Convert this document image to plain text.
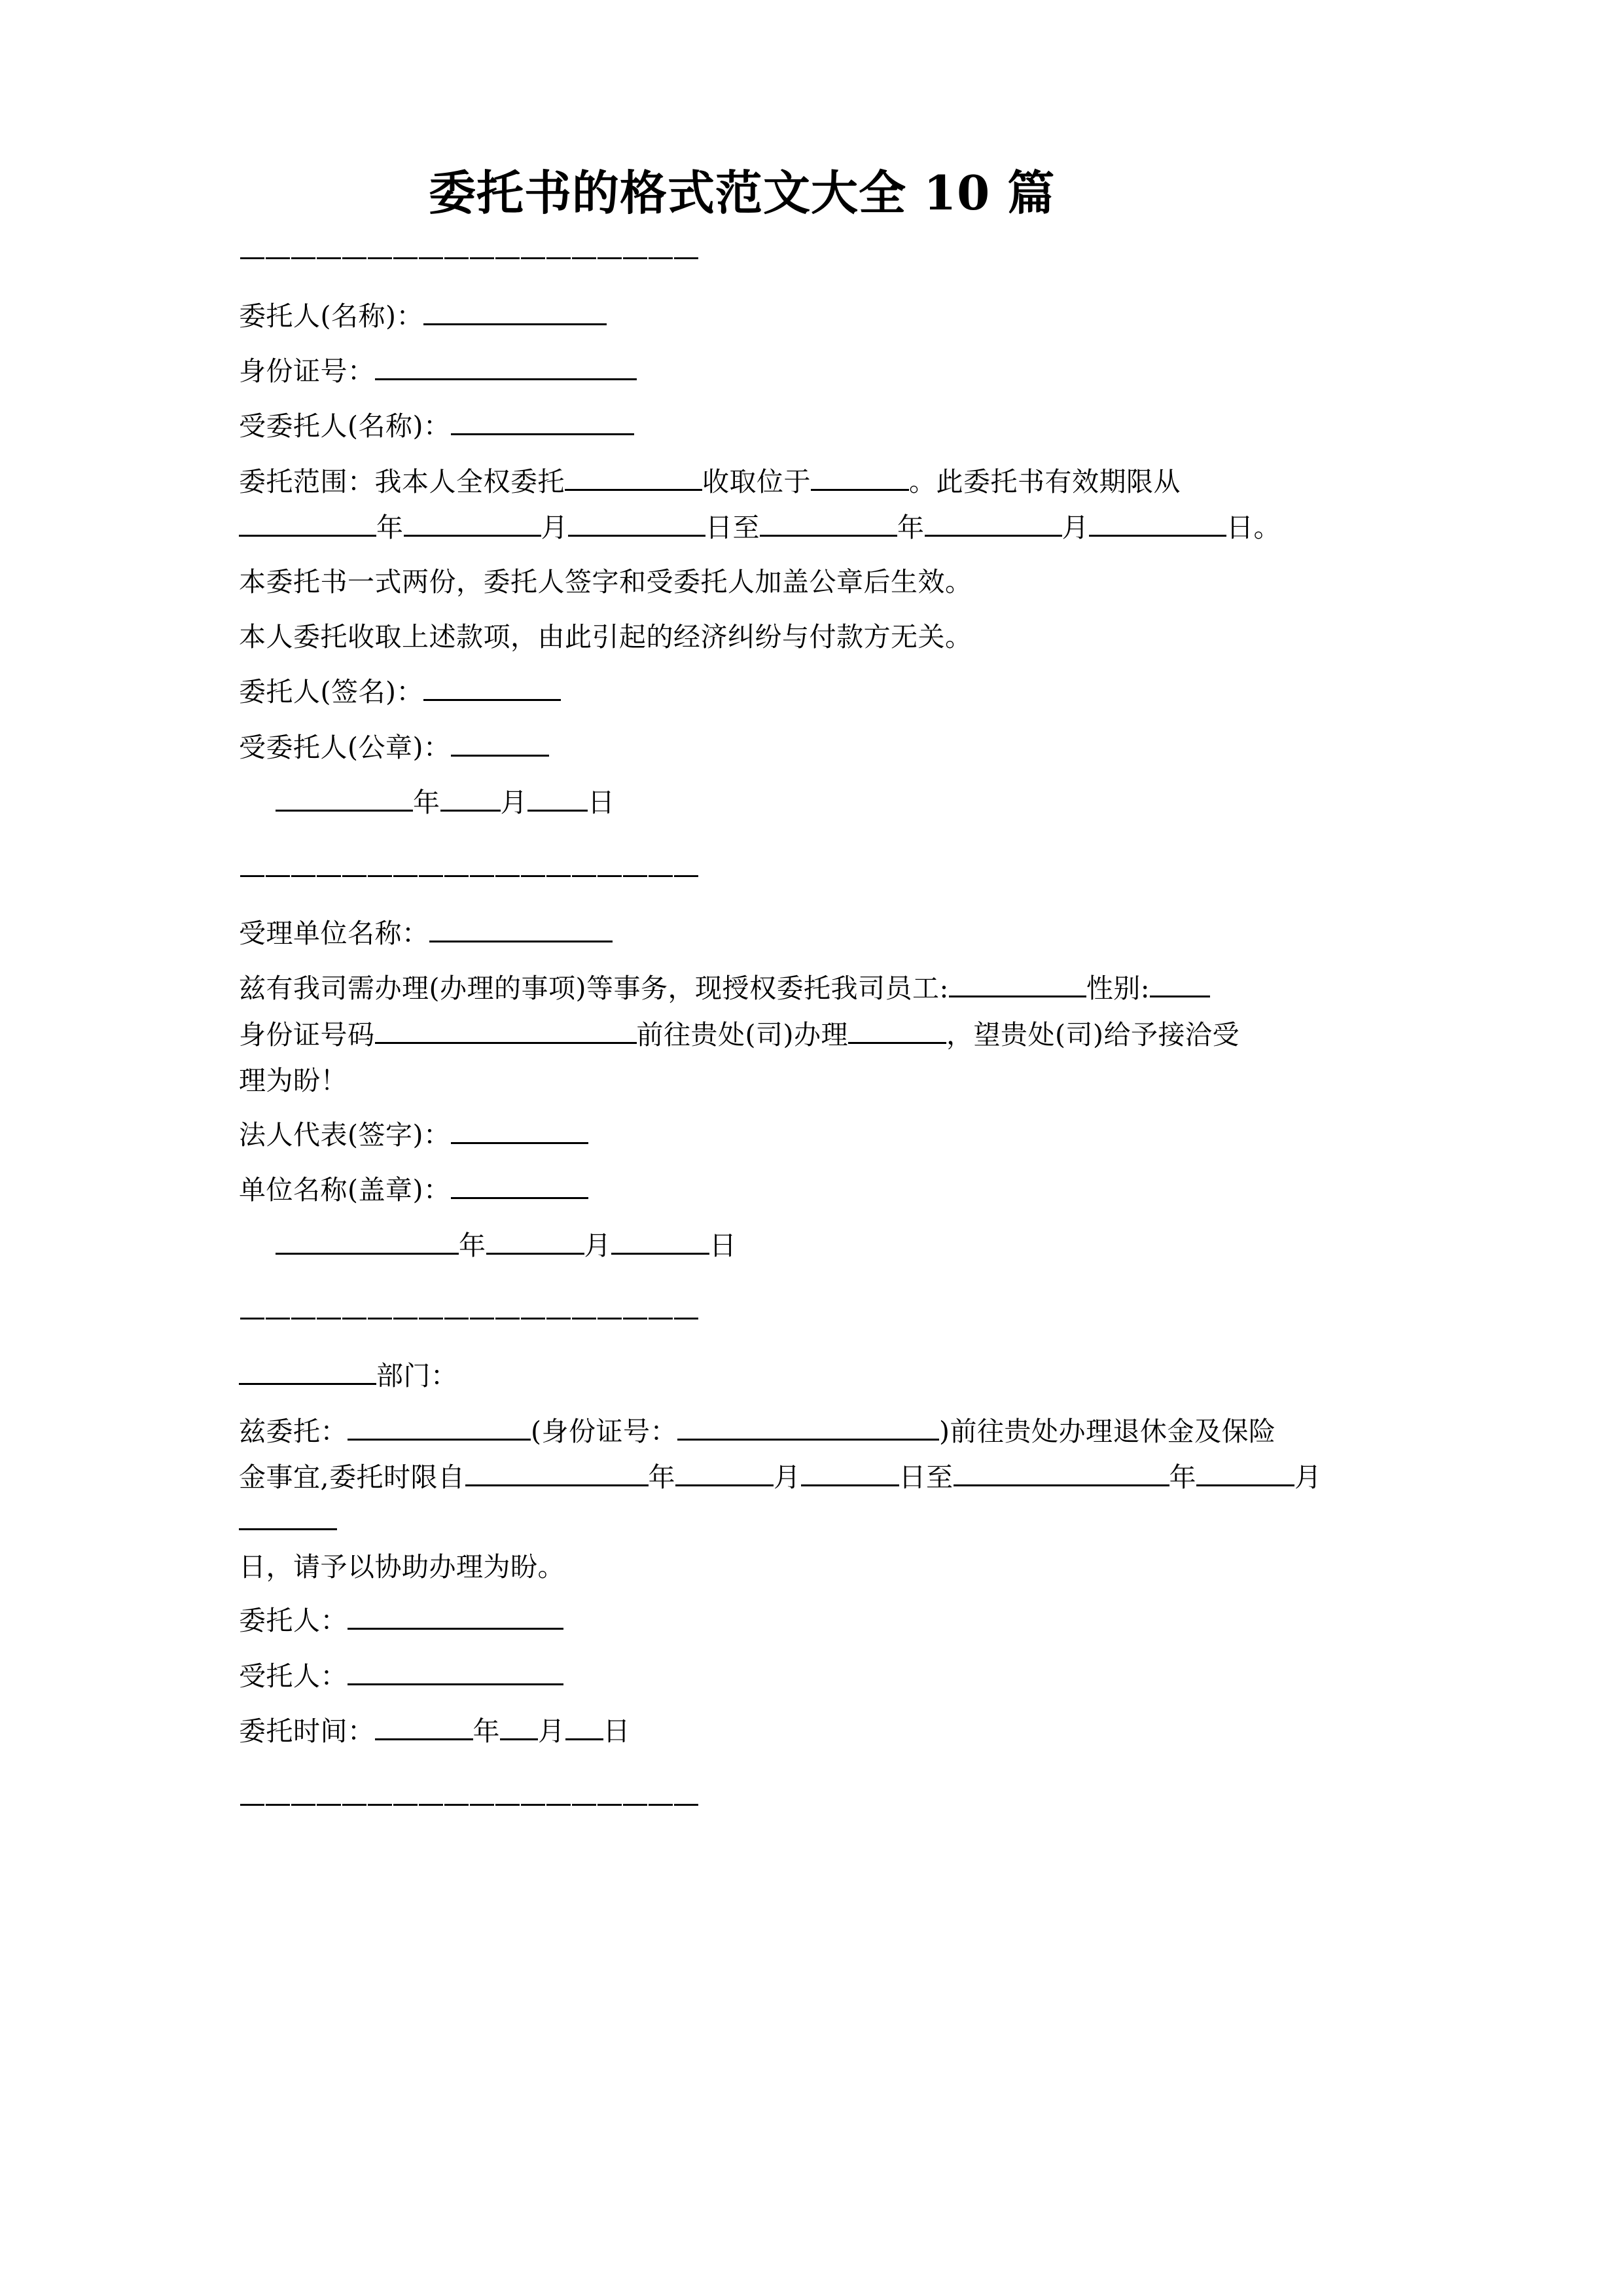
委托书的格式范文大全 10 篇
——————————————————

委托人(名称)：

身份证号：

受委托人(名称)：

委托范围：我本人全权委托	收取位于	。此委托书有效期限从

年	月	日至	年	月	日。

本委托书一式两份，委托人签字和受委托人加盖公章后生效。

本人委托收取上述款项，由此引起的经济纠纷与付款方无关。

委托人(签名)：

受委托人(公章)：

年 月 日

——————————————————

受理单位名称：

兹有我司需办理(办理的事项)等事务，现授权委托我司员工:	性别:

身份证号码	前往贵处(司)办理	，望贵处(司)给予接洽受

理为盼！

法人代表(签字)：

单位名称(盖章)：

年	月	日

——————————————————

部门：

兹委托：	(身份证号：	)前往贵处办理退休金及保险

金事宜,委托时限自	年	月	日至	年	月

日，请予以协助办理为盼。

委托人：

受托人：

委托时间：	年 月 日

——————————————————
